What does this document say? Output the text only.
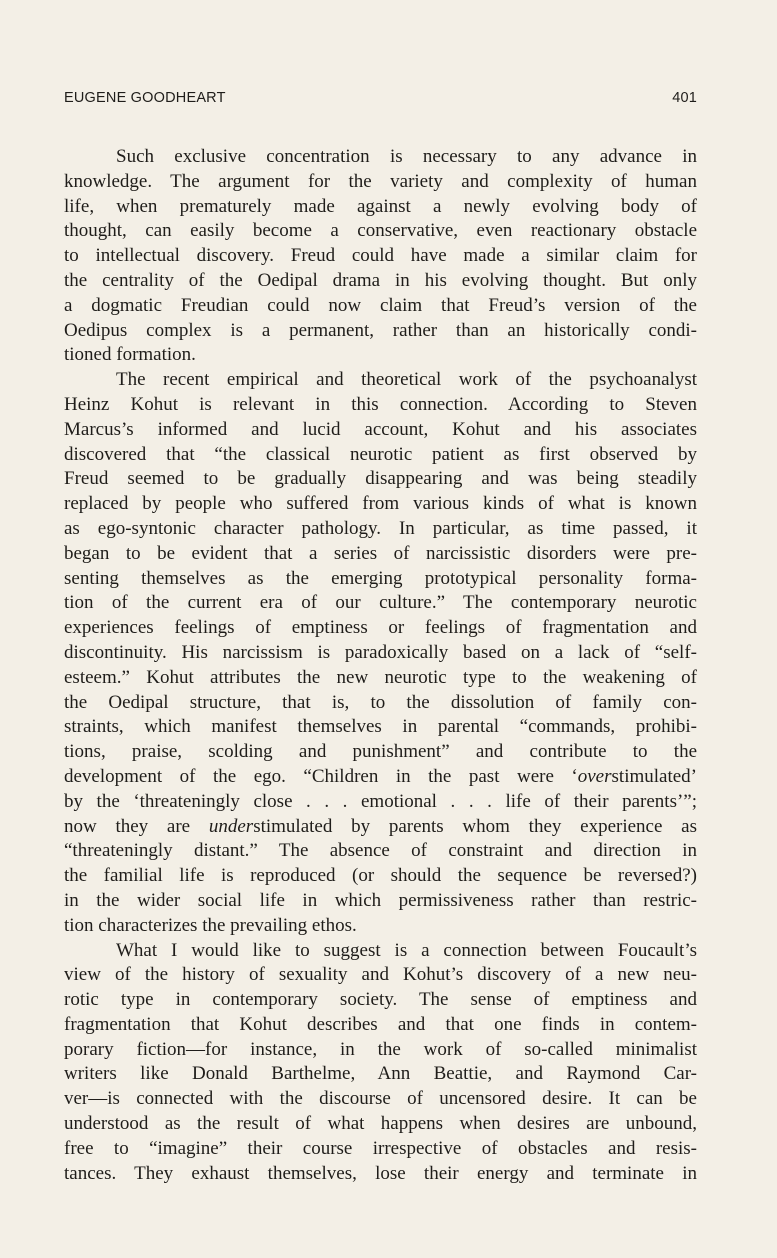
EUGENE GOODHEART	401
Such exclusive concentration is necessary to any advance in
knowledge. The argument for the variety and complexity of human
life, when prematurely made against a newly evolving body of
thought, can easily become a conservative, even reactionary obstacle
to intellectual discovery. Freud could have made a similar claim for
the centrality of the Oedipal drama in his evolving thought. But only
a dogmatic Freudian could now claim that Freud’s version of the
Oedipus complex is a permanent, rather than an historically condi-
tioned formation.
The recent empirical and theoretical work of the psychoanalyst
Heinz Kohut is relevant in this connection. According to Steven
Marcus’s informed and lucid account, Kohut and his associates
discovered that “the classical neurotic patient as first observed by
Freud seemed to be gradually disappearing and was being steadily
replaced by people who suffered from various kinds of what is known
as ego-syntonic character pathology. In particular, as time passed, it
began to be evident that a series of narcissistic disorders were pre-
senting themselves as the emerging prototypical personality forma-
tion of the current era of our culture.” The contemporary neurotic
experiences feelings of emptiness or feelings of fragmentation and
discontinuity. His narcissism is paradoxically based on a lack of “self-
esteem.” Kohut attributes the new neurotic type to the weakening of
the Oedipal structure, that is, to the dissolution of family con-
straints, which manifest themselves in parental “commands, prohibi-
tions, praise, scolding and punishment” and contribute to the
development of the ego. “Children in the past were ‘overstimulated’
by the ‘threateningly close . . . emotional . . . life of their parents’”;
now they are understimulated by parents whom they experience as
“threateningly distant.” The absence of constraint and direction in
the familial life is reproduced (or should the sequence be reversed?)
in the wider social life in which permissiveness rather than restric-
tion characterizes the prevailing ethos.
What I would like to suggest is a connection between Foucault’s
view of the history of sexuality and Kohut’s discovery of a new neu-
rotic type in contemporary society. The sense of emptiness and
fragmentation that Kohut describes and that one finds in contem-
porary fiction—for instance, in the work of so-called minimalist
writers like Donald Barthelme, Ann Beattie, and Raymond Car-
ver—is connected with the discourse of uncensored desire. It can be
understood as the result of what happens when desires are unbound,
free to “imagine” their course irrespective of obstacles and resis-
tances. They exhaust themselves, lose their energy and terminate in
